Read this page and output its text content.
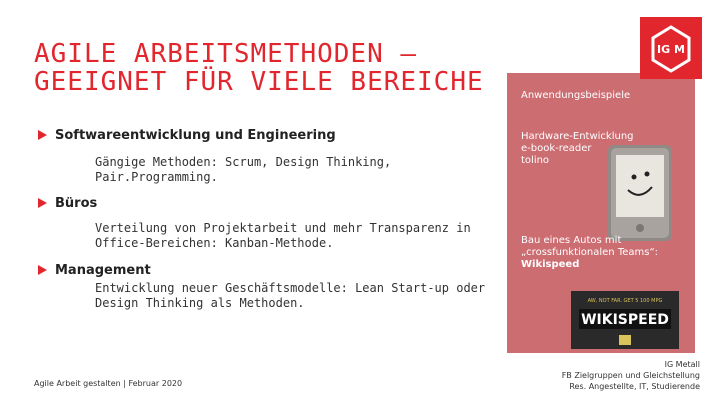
AGILE ARBEITSMETHODEN – GEEIGNET FÜR VIELE BEREICHE
Softwareentwicklung und Engineering
Gängige Methoden: Scrum, Design Thinking,
Pair.Programming.
Büros
Verteilung von Projektarbeit und mehr Transparenz in
Office-Bereichen: Kanban-Methode.
Management
Entwicklung neuer Geschäftsmodelle: Lean Start-up oder
Design Thinking als Methoden.
Anwendungsbeispiele
Hardware-Entwicklung
e-book-reader
tolino
Bau eines Autos mit
„crossfunktionalen Teams“:
Wikispeed
AW, NOT FAR. GET 5 100 MPG
WIKISPEED
IG M
Agile Arbeit gestalten | Februar 2020
IG Metall
FB Zielgruppen und Gleichstellung
Res. Angestellte, IT, Studierende
